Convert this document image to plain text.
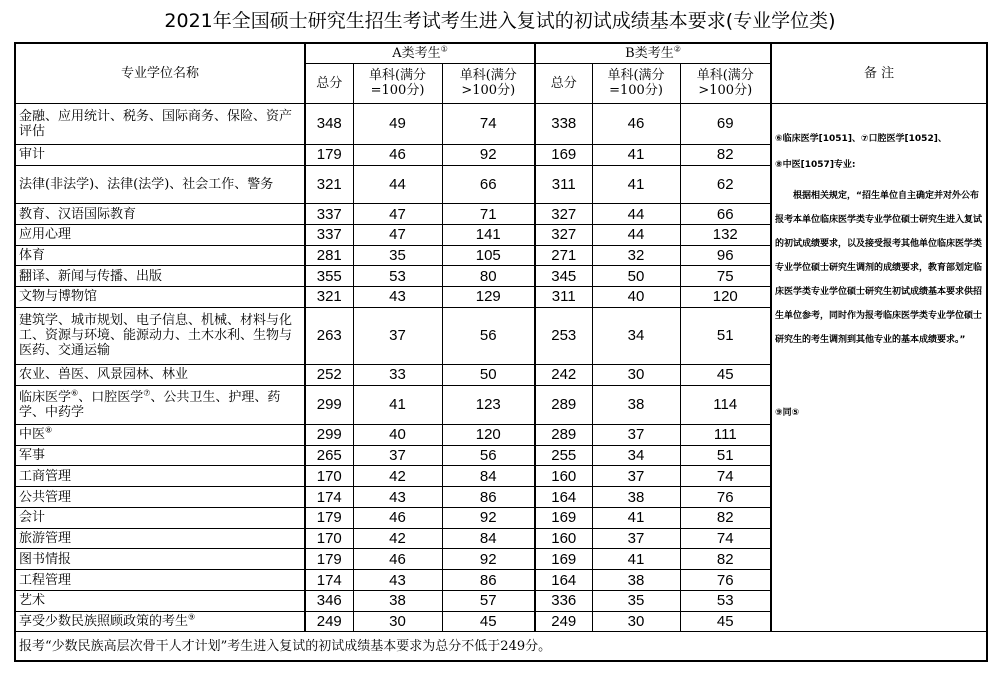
2021年全国硕士研究生招生考试考生进入复试的初试成绩基本要求(专业学位类)
专业学位名称	A类考生①			B类考生②			备 注
	总分	单科(满分=100分)	单科(满分>100分)	总分	单科(满分=100分)	单科(满分>100分)	
金融、应用统计、税务、国际商务、保险、资产评估	348	49	74	338	46	69	⑥临床医学[1051]、⑦口腔医学[1052]、
⑧中医[1057]专业:
根据相关规定，“招生单位自主确定并对外公布报考本单位临床医学类专业学位硕士研究生进入复试的初试成绩要求，以及接受报考其他单位临床医学类专业学位硕士研究生调剂的成绩要求，教育部划定临床医学类专业学位硕士研究生初试成绩基本要求供招生单位参考，同时作为报考临床医学类专业学位硕士研究生的考生调剂到其他专业的基本成绩要求。”
⑨同⑤

审计	179	46	92	169	41	82	
法律(非法学)、法律(法学)、社会工作、警务	321	44	66	311	41	62	
教育、汉语国际教育	337	47	71	327	44	66	
应用心理	337	47	141	327	44	132	
体育	281	35	105	271	32	96	
翻译、新闻与传播、出版	355	53	80	345	50	75	
文物与博物馆	321	43	129	311	40	120	
建筑学、城市规划、电子信息、机械、材料与化工、资源与环境、能源动力、土木水利、生物与医药、交通运输	263	37	56	253	34	51	
农业、兽医、风景园林、林业	252	33	50	242	30	45	
临床医学⑥、口腔医学⑦、公共卫生、护理、药学、中药学	299	41	123	289	38	114	
中医⑧	299	40	120	289	37	111	
军事	265	37	56	255	34	51	
工商管理	170	42	84	160	37	74	
公共管理	174	43	86	164	38	76	
会计	179	46	92	169	41	82	
旅游管理	170	42	84	160	37	74	
图书情报	179	46	92	169	41	82	
工程管理	174	43	86	164	38	76	
艺术	346	38	57	336	35	53	
享受少数民族照顾政策的考生⑨	249	30	45	249	30	45	
报考“少数民族高层次骨干人才计划”考生进入复试的初试成绩基本要求为总分不低于249分。							
